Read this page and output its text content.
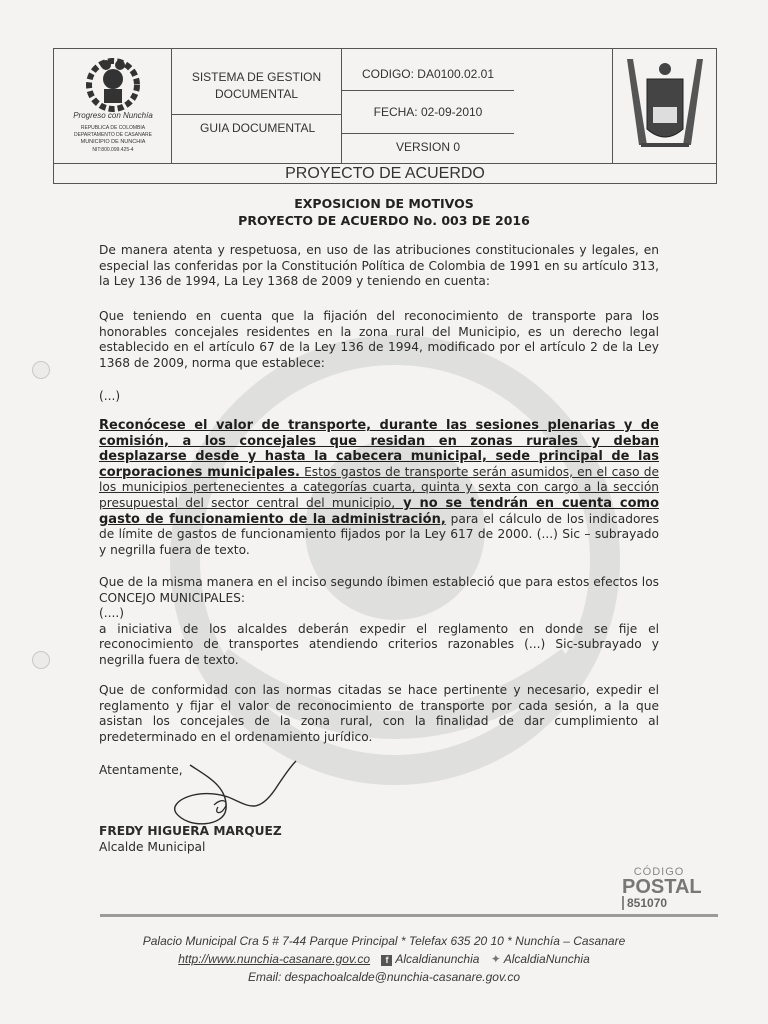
Progreso con Nunchía
REPUBLICA DE COLOMBIA
DEPARTAMENTO DE CASANARE
MUNICIPIO DE NUNCHIA
NIT:800.099.425-4
SISTEMA DE GESTION DOCUMENTAL
CODIGO: DA0100.02.01
FECHA: 02-09-2010
GUIA DOCUMENTAL
VERSION 0
PROYECTO DE ACUERDO
EXPOSICION DE MOTIVOS
PROYECTO DE ACUERDO No. 003 DE 2016
De manera atenta y respetuosa, en uso de las atribuciones constitucionales y legales, en especial las conferidas por la Constitución Política de Colombia de 1991 en su artículo 313, la Ley 136 de 1994, La Ley 1368 de 2009 y teniendo en cuenta:
Que teniendo en cuenta que la fijación del reconocimiento de transporte para los honorables concejales residentes en la zona rural del Municipio, es un derecho legal establecido en el artículo 67 de la Ley 136 de 1994, modificado por el artículo 2 de la Ley 1368 de 2009, norma que establece:
(...)
Reconócese el valor de transporte, durante las sesiones plenarias y de comisión, a los concejales que residan en zonas rurales y deban desplazarse desde y hasta la cabecera municipal, sede principal de las corporaciones municipales. Estos gastos de transporte serán asumidos, en el caso de los municipios pertenecientes a categorías cuarta, quinta y sexta con cargo a la sección presupuestal del sector central del municipio, y no se tendrán en cuenta como gasto de funcionamiento de la administración, para el cálculo de los indicadores de límite de gastos de funcionamiento fijados por la Ley 617 de 2000. (...) Sic – subrayado y negrilla fuera de texto.
Que de la misma manera en el inciso segundo íbimen estableció que para estos efectos los CONCEJO MUNICIPALES:
(....)
a iniciativa de los alcaldes deberán expedir el reglamento en donde se fije el reconocimiento de transportes atendiendo criterios razonables (...) Sic-subrayado y negrilla fuera de texto.
Que de conformidad con las normas citadas se hace pertinente y necesario, expedir el reglamento y fijar el valor de reconocimiento de transporte por cada sesión, a la que asistan los concejales de la zona rural, con la finalidad de dar cumplimiento al predeterminado en el ordenamiento jurídico.
Atentamente,
FREDY HIGUERA MARQUEZ
Alcalde Municipal
CÓDIGO
POSTAL
851070
Palacio Municipal Cra 5 # 7-44 Parque Principal * Telefax 635 20 10 * Nunchía – Casanare
http://www.nunchia-casanare.gov.co f Alcaldianunchia ✦ AlcaldiaNunchia
Email: despachoalcalde@nunchia-casanare.gov.co
